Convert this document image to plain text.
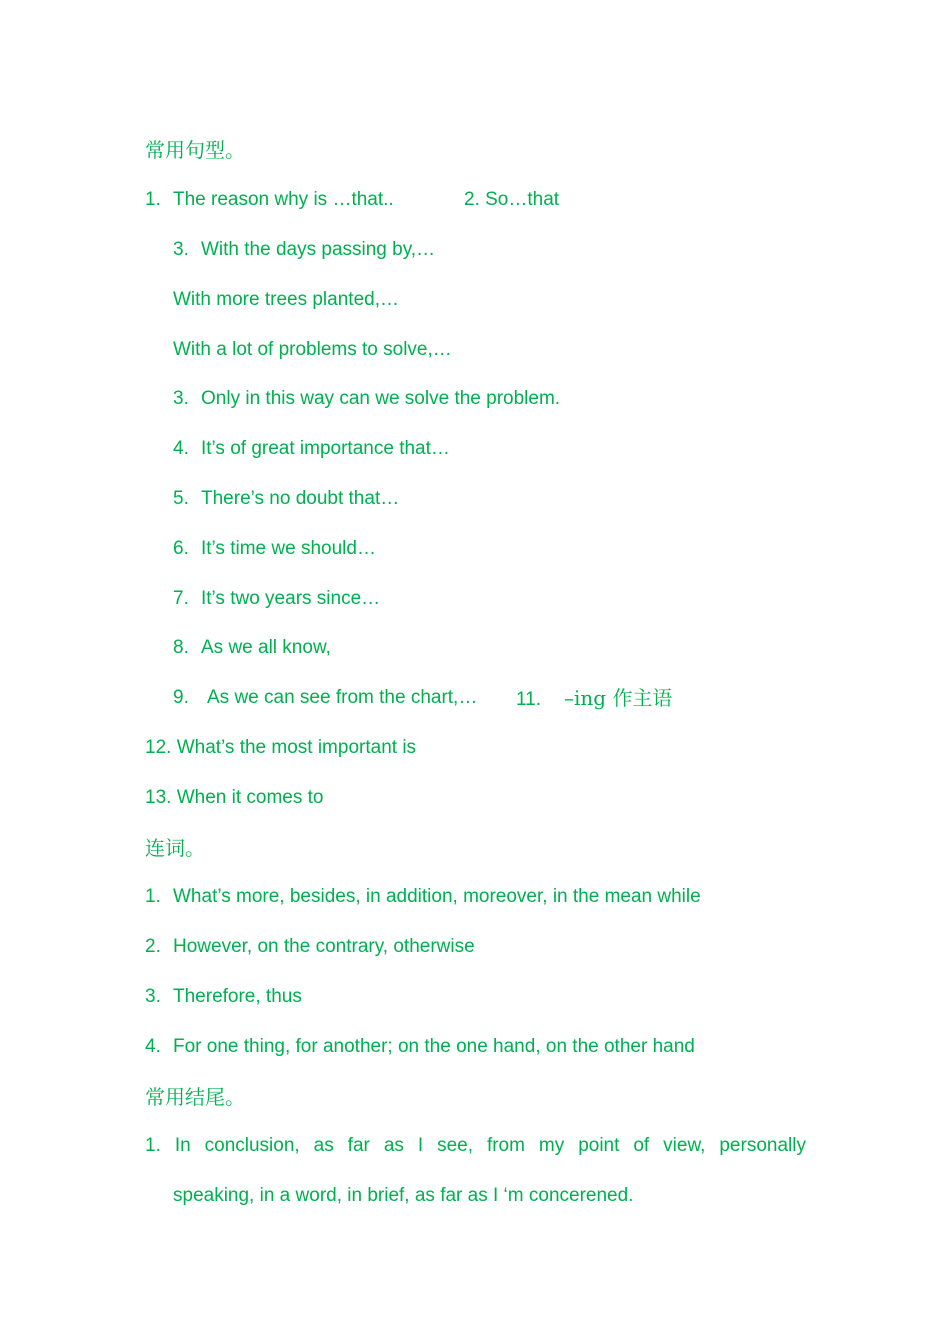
常用句型。
1. The reason why is …that..	2. So…that
3. With the days passing by,…
With more trees planted,…
With a lot of problems to solve,…
3. Only in this way can we solve the problem.
4. It’s of great importance that…
5. There’s no doubt that…
6. It’s time we should…
7. It’s two years since…
8. As we all know,
9. As we can see from the chart,… 11. –ing 作主语
12. What’s the most important is
13. When it comes to
连词。
1. What’s more, besides, in addition, moreover, in the mean while
2. However, on the contrary, otherwise
3. Therefore, thus
4. For one thing, for another; on the one hand, on the other hand
常用结尾。
1. In conclusion, as far as I see, from my point of view, personally
speaking, in a word, in brief, as far as I ‘m concerened.
